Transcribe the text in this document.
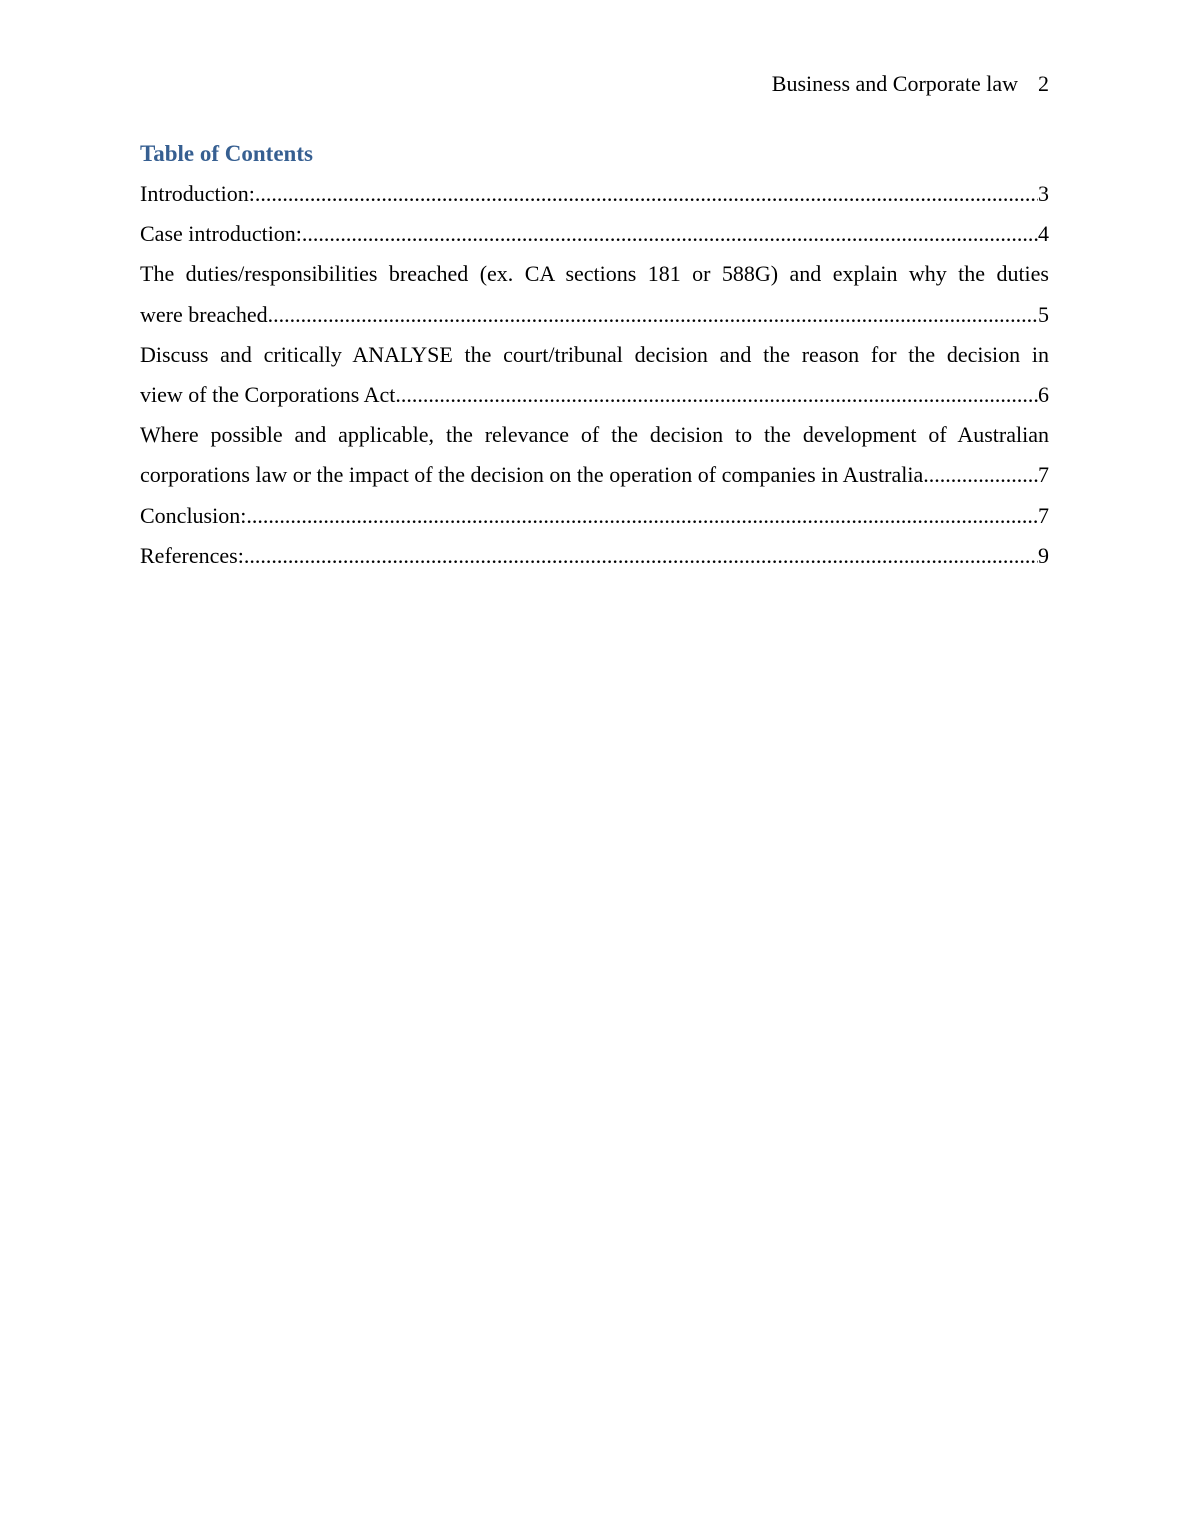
Business and Corporate law 2
Table of Contents
Introduction: .....	3
Case introduction: .....	4
The duties/responsibilities breached (ex. CA sections 181 or 588G) and explain why the duties
were breached .....	5
Discuss and critically ANALYSE the court/tribunal decision and the reason for the decision in
view of the Corporations Act .....	6
Where possible and applicable, the relevance of the decision to the development of Australian
corporations law or the impact of the decision on the operation of companies in Australia .....	7
Conclusion: .....	7
References: .....	9
